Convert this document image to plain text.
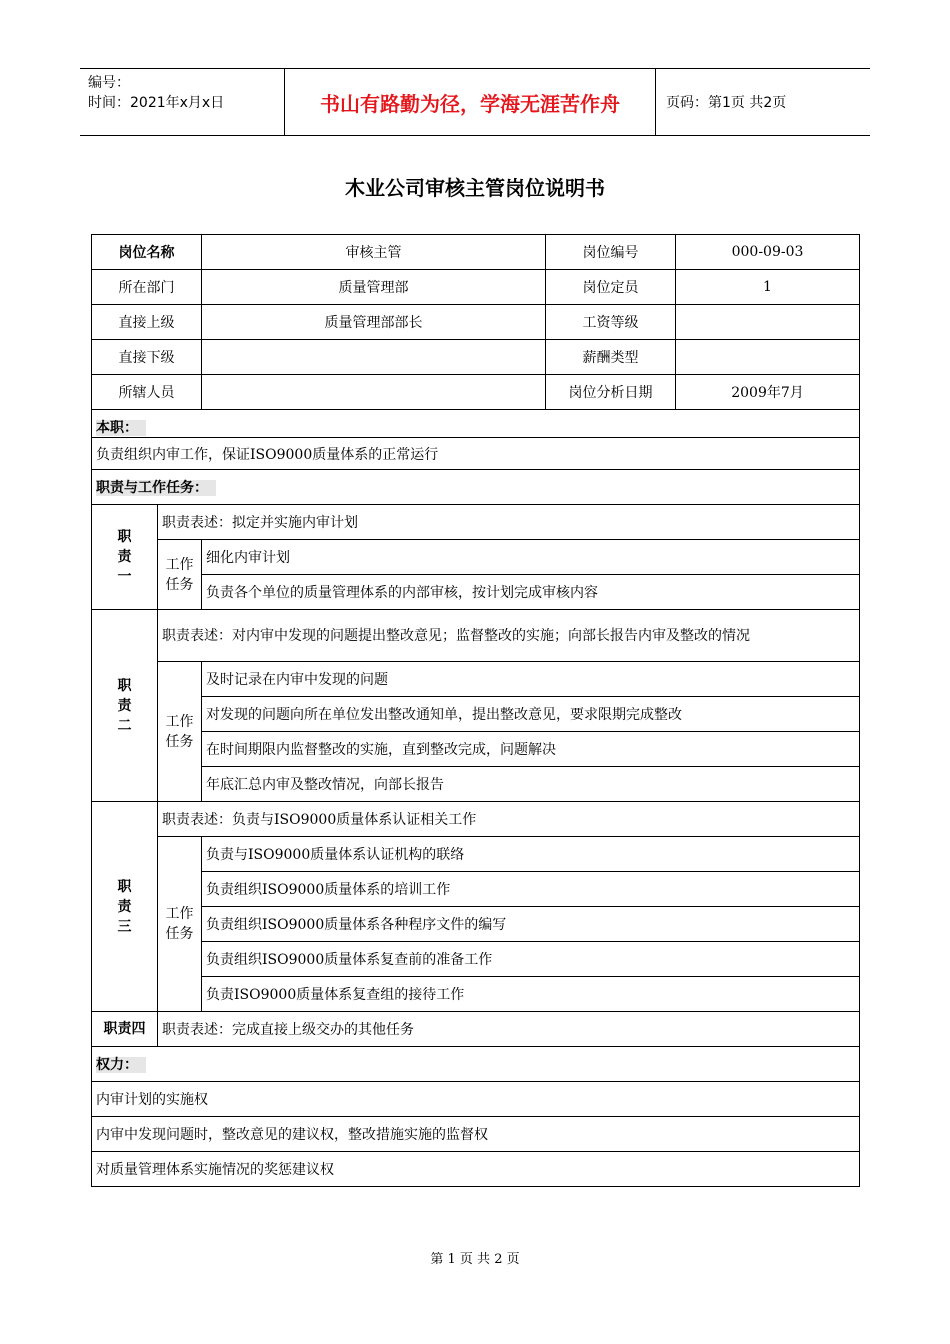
编号：
时间：2021年x月x日	书山有路勤为径，学海无涯苦作舟	页码：第1页 共2页
木业公司审核主管岗位说明书
岗位名称		审核主管	岗位编号	000-09-03
所在部门		质量管理部	岗位定员	1
直接上级		质量管理部部长	工资等级	
直接下级			薪酬类型	
所辖人员			岗位分析日期	2009年7月
本职：				
负责组织内审工作，保证ISO9000质量体系的正常运行				
职责与工作任务：				

职
责
一	职责表述：拟定并实施内审计划			

	工作
任务	细化内审计划		
		负责各个单位的质量管理体系的内部审核，按计划完成审核内容		

职
责
二	职责表述：对内审中发现的问题提出整改意见；监督整改的实施；向部长报告内审及整改的情况			

	工作
任务	及时记录在内审中发现的问题		
		对发现的问题向所在单位发出整改通知单，提出整改意见，要求限期完成整改		
		在时间期限内监督整改的实施，直到整改完成，问题解决		
		年底汇总内审及整改情况，向部长报告		

职
责
三	职责表述：负责与ISO9000质量体系认证相关工作			

	工作
任务	负责与ISO9000质量体系认证机构的联络		
		负责组织ISO9000质量体系的培训工作		
		负责组织ISO9000质量体系各种程序文件的编写		
		负责组织ISO9000质量体系复查前的准备工作		
		负责ISO9000质量体系复查组的接待工作		
职责四	职责表述：完成直接上级交办的其他任务			
权力：				
内审计划的实施权				
内审中发现问题时，整改意见的建议权，整改措施实施的监督权				
对质量管理体系实施情况的奖惩建议权				
第 1 页 共 2 页
